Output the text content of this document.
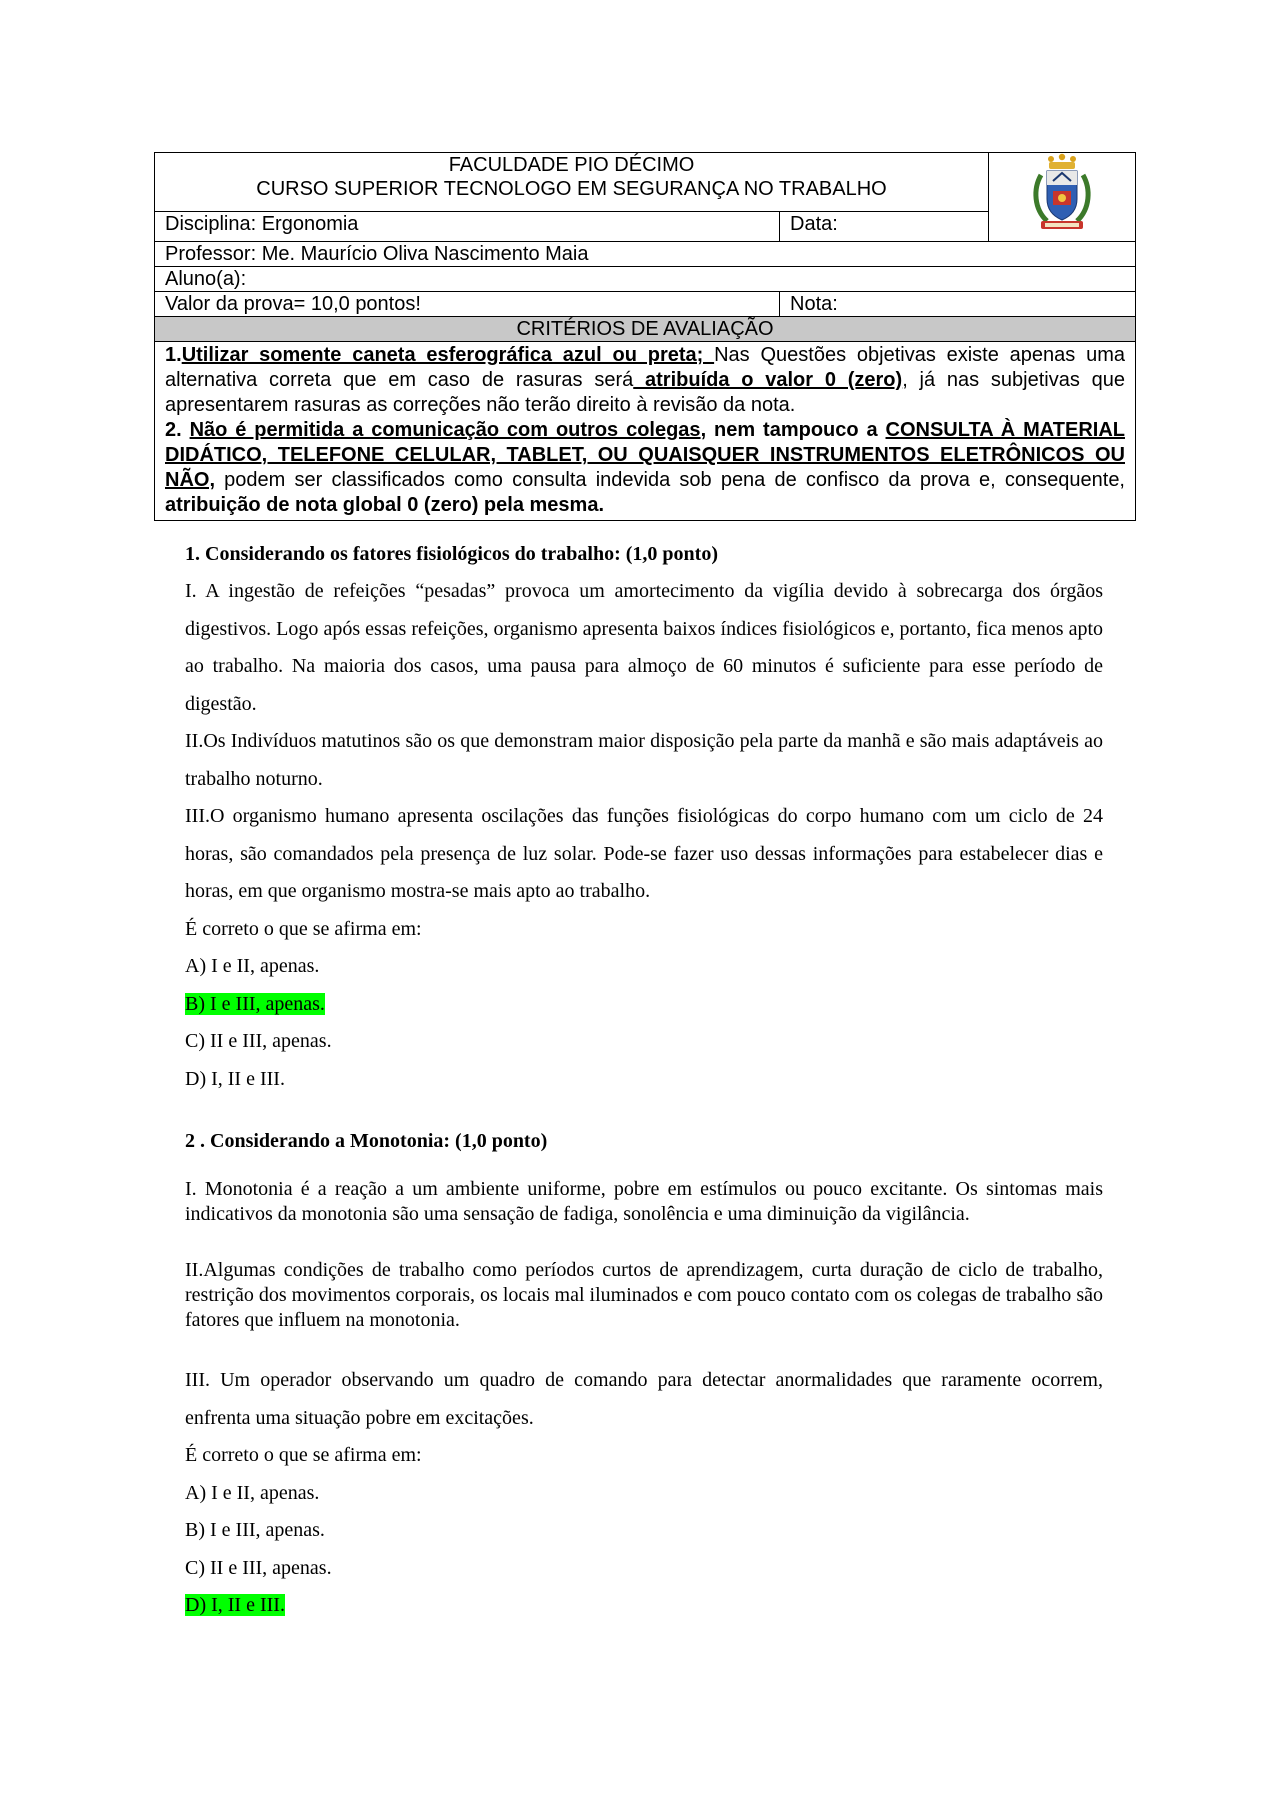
FACULDADE PIO DÉCIMO
CURSO SUPERIOR TECNOLOGO EM SEGURANÇA NO TRABALHO

Disciplina: Ergonomia	Data:	
Professor: Me. Maurício Oliva Nascimento Maia		
Aluno(a):		
Valor da prova= 10,0 pontos!	Nota:	
CRITÉRIOS DE AVALIAÇÃO		

1.Utilizar somente caneta esferográfica azul ou preta; Nas Questões objetivas existe apenas uma alternativa correta que em caso de rasuras será atribuída o valor 0 (zero), já nas subjetivas que apresentarem rasuras as correções não terão direito à revisão da nota.

2. Não é permitida a comunicação com outros colegas, nem tampouco a CONSULTA À MATERIAL DIDÁTICO, TELEFONE CELULAR, TABLET, OU QUAISQUER INSTRUMENTOS ELETRÔNICOS OU NÃO, podem ser classificados como consulta indevida sob pena de confisco da prova e, consequente, atribuição de nota global 0 (zero) pela mesma.		

1. Considerando os fatores fisiológicos do trabalho: (1,0 ponto)

I. A ingestão de refeições “pesadas” provoca um amortecimento da vigília devido à sobrecarga dos órgãos digestivos. Logo após essas refeições, organismo apresenta baixos índices fisiológicos e, portanto, fica menos apto ao trabalho. Na maioria dos casos, uma pausa para almoço de 60 minutos é suficiente para esse período de digestão.

II.Os Indivíduos matutinos são os que demonstram maior disposição pela parte da manhã e são mais adaptáveis ao trabalho noturno.

III.O organismo humano apresenta oscilações das funções fisiológicas do corpo humano com um ciclo de 24 horas, são comandados pela presença de luz solar. Pode-se fazer uso dessas informações para estabelecer dias e horas, em que organismo mostra-se mais apto ao trabalho.

É correto o que se afirma em:

A) I e II, apenas.

B) I e III, apenas.

C) II e III, apenas.

D) I, II e III.

2 . Considerando a Monotonia: (1,0 ponto)

I. Monotonia é a reação a um ambiente uniforme, pobre em estímulos ou pouco excitante. Os sintomas mais indicativos da monotonia são uma sensação de fadiga, sonolência e uma diminuição da vigilância.

II.Algumas condições de trabalho como períodos curtos de aprendizagem, curta duração de ciclo de trabalho, restrição dos movimentos corporais, os locais mal iluminados e com pouco contato com os colegas de trabalho são fatores que influem na monotonia.

III. Um operador observando um quadro de comando para detectar anormalidades que raramente ocorrem, enfrenta uma situação pobre em excitações.

É correto o que se afirma em:

A) I e II, apenas.

B) I e III, apenas.

C) II e III, apenas.

D) I, II e III.
